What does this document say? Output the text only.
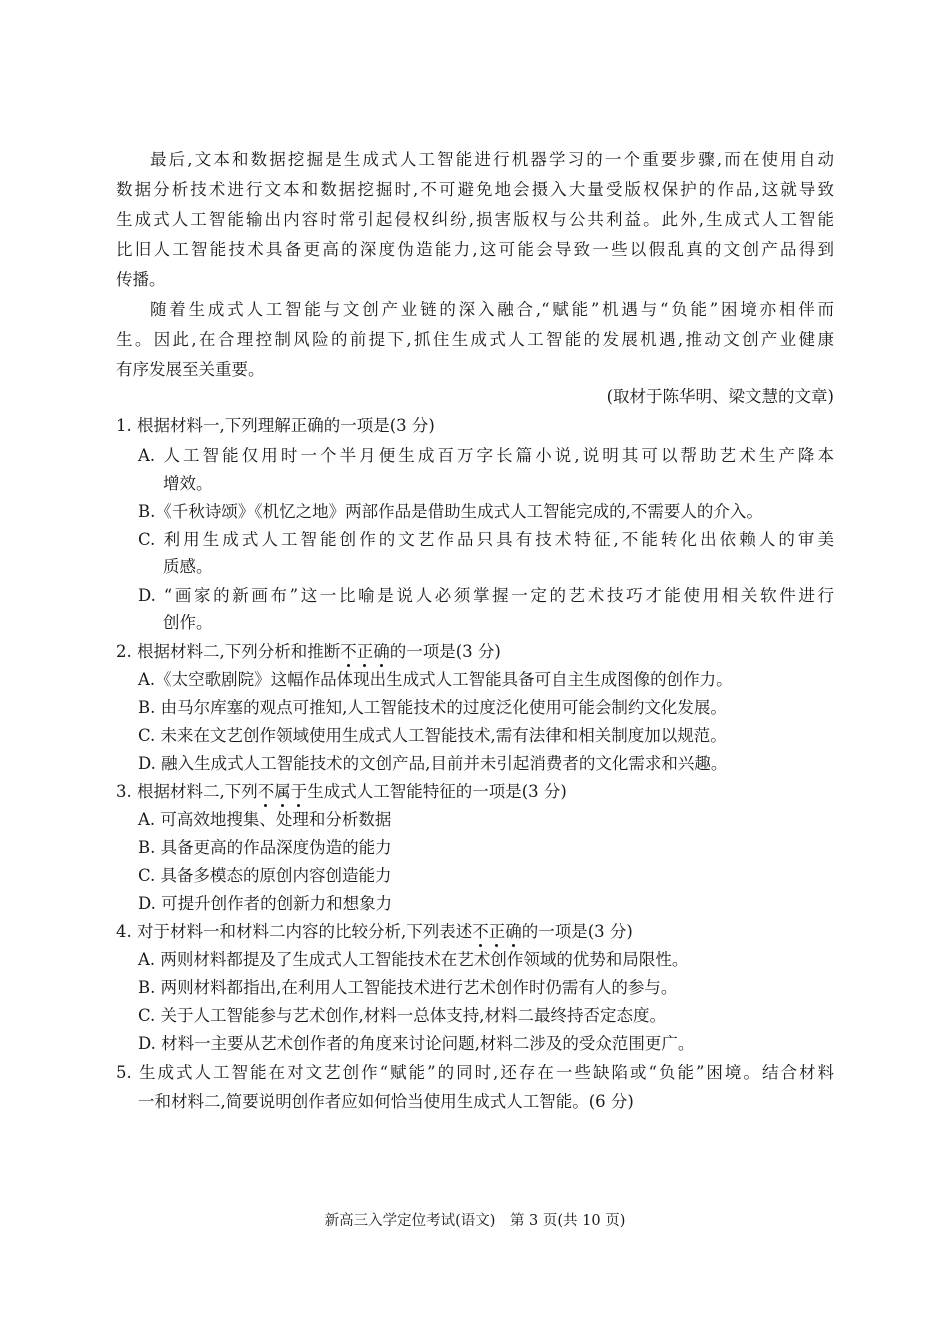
最后,文本和数据挖掘是生成式人工智能进行机器学习的一个重要步骤,而在使用自动
数据分析技术进行文本和数据挖掘时,不可避免地会摄入大量受版权保护的作品,这就导致
生成式人工智能输出内容时常引起侵权纠纷,损害版权与公共利益。此外,生成式人工智能
比旧人工智能技术具备更高的深度伪造能力,这可能会导致一些以假乱真的文创产品得到
传播。
随着生成式人工智能与文创产业链的深入融合,“赋能”机遇与“负能”困境亦相伴而
生。因此,在合理控制风险的前提下,抓住生成式人工智能的发展机遇,推动文创产业健康
有序发展至关重要。
(取材于陈华明、梁文慧的文章)
1. 根据材料一,下列理解正确的一项是(3 分)
A. 人工智能仅用时一个半月便生成百万字长篇小说,说明其可以帮助艺术生产降本
增效。
B.《千秋诗颂》《机忆之地》两部作品是借助生成式人工智能完成的,不需要人的介入。
C. 利用生成式人工智能创作的文艺作品只具有技术特征,不能转化出依赖人的审美
质感。
D. “画家的新画布”这一比喻是说人必须掌握一定的艺术技巧才能使用相关软件进行
创作。
2. 根据材料二,下列分析和推断不正确的一项是(3 分)
A.《太空歌剧院》这幅作品体现出生成式人工智能具备可自主生成图像的创作力。
B. 由马尔库塞的观点可推知,人工智能技术的过度泛化使用可能会制约文化发展。
C. 未来在文艺创作领域使用生成式人工智能技术,需有法律和相关制度加以规范。
D. 融入生成式人工智能技术的文创产品,目前并未引起消费者的文化需求和兴趣。
3. 根据材料二,下列不属于生成式人工智能特征的一项是(3 分)
A. 可高效地搜集、处理和分析数据
B. 具备更高的作品深度伪造的能力
C. 具备多模态的原创内容创造能力
D. 可提升创作者的创新力和想象力
4. 对于材料一和材料二内容的比较分析,下列表述不正确的一项是(3 分)
A. 两则材料都提及了生成式人工智能技术在艺术创作领域的优势和局限性。
B. 两则材料都指出,在利用人工智能技术进行艺术创作时仍需有人的参与。
C. 关于人工智能参与艺术创作,材料一总体支持,材料二最终持否定态度。
D. 材料一主要从艺术创作者的角度来讨论问题,材料二涉及的受众范围更广。
5. 生成式人工智能在对文艺创作“赋能”的同时,还存在一些缺陷或“负能”困境。结合材料
一和材料二,简要说明创作者应如何恰当使用生成式人工智能。(6 分)
新高三入学定位考试(语文)　第 3 页(共 10 页)
